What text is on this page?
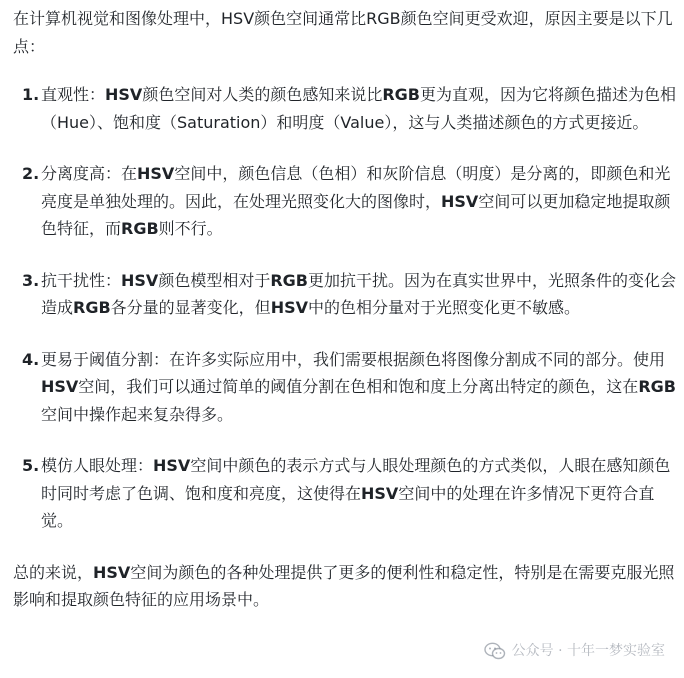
在计算机视觉和图像处理中，HSV颜色空间通常比RGB颜色空间更受欢迎，原因主要是以下几点：

1. 直观性：HSV颜色空间对人类的颜色感知来说比RGB更为直观，因为它将颜色描述为色相（Hue）、饱和度（Saturation）和明度（Value），这与人类描述颜色的方式更接近。
2. 分离度高：在HSV空间中，颜色信息（色相）和灰阶信息（明度）是分离的，即颜色和光亮度是单独处理的。因此，在处理光照变化大的图像时，HSV空间可以更加稳定地提取颜色特征，而RGB则不行。
3. 抗干扰性：HSV颜色模型相对于RGB更加抗干扰。因为在真实世界中，光照条件的变化会造成RGB各分量的显著变化，但HSV中的色相分量对于光照变化更不敏感。
4. 更易于阈值分割：在许多实际应用中，我们需要根据颜色将图像分割成不同的部分。使用HSV空间，我们可以通过简单的阈值分割在色相和饱和度上分离出特定的颜色，这在RGB空间中操作起来复杂得多。
5. 模仿人眼处理：HSV空间中颜色的表示方式与人眼处理颜色的方式类似，人眼在感知颜色时同时考虑了色调、饱和度和亮度，这使得在HSV空间中的处理在许多情况下更符合直觉。

总的来说，HSV空间为颜色的各种处理提供了更多的便利性和稳定性，特别是在需要克服光照影响和提取颜色特征的应用场景中。

公众号 · 十年一梦实验室
